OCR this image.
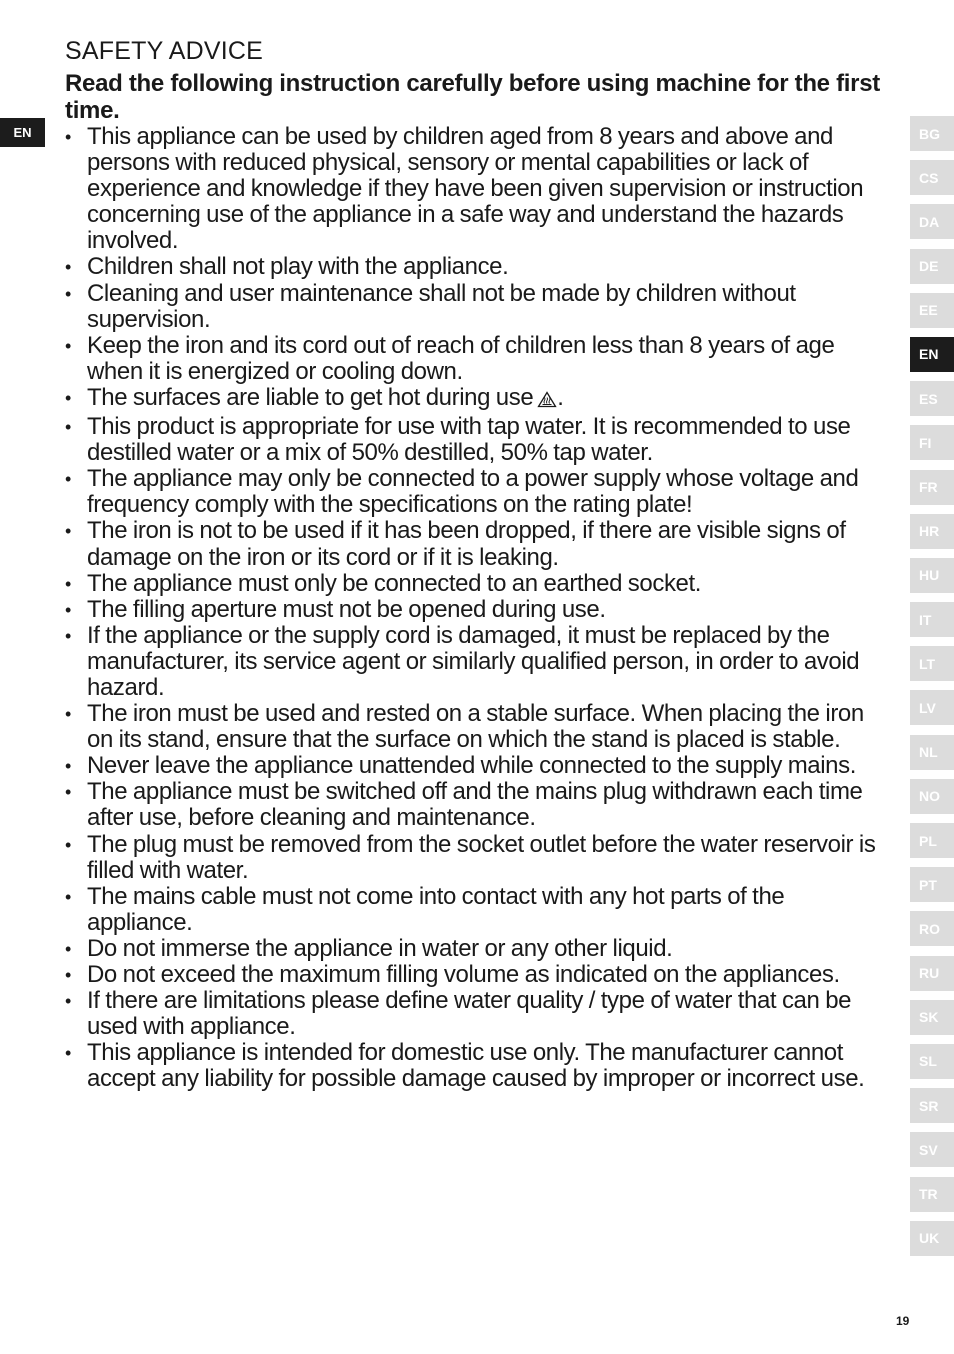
EN
SAFETY ADVICE

Read the following instruction carefully before using machine for the first time.

• This appliance can be used by children aged from 8 years and above and persons with reduced physical, sensory or mental capabilities or lack of experience and knowledge if they have been given supervision or instruction concerning use of the appliance in a safe way and understand the hazards involved.
• Children shall not play with the appliance.
• Cleaning and user maintenance shall not be made by children without supervision.
• Keep the iron and its cord out of reach of children less than 8 years of age when it is energized or cooling down.
• The surfaces are liable to get hot during use .
• This product is appropriate for use with tap water. It is recommended to use destilled water or a mix of 50% destilled, 50% tap water.
• The appliance may only be connected to a power supply whose voltage and frequency comply with the specifications on the rating plate!
• The iron is not to be used if it has been dropped, if there are visible signs of damage on the iron or its cord or if it is leaking.
• The appliance must only be connected to an earthed socket.
• The filling aperture must not be opened during use.
• If the appliance or the supply cord is damaged, it must be replaced by the manufacturer, its service agent or similarly qualified person, in order to avoid hazard.
• The iron must be used and rested on a stable surface. When placing the iron on its stand, ensure that the surface on which the stand is placed is stable.
• Never leave the appliance unattended while connected to the supply mains.
• The appliance must be switched off and the mains plug withdrawn each time after use, before cleaning and maintenance.
• The plug must be removed from the socket outlet before the water reservoir is filled with water.
• The mains cable must not come into contact with any hot parts of the appliance.
• Do not immerse the appliance in water or any other liquid.
• Do not exceed the maximum filling volume as indicated on the appliances.
• If there are limitations please define water quality / type of water that can be used with appliance.
• This appliance is intended for domestic use only. The manufacturer cannot accept any liability for possible damage caused by improper or incorrect use.
BG
CS
DA
DE
EE
EN
ES
FI
FR
HR
HU
IT
LT
LV
NL
NO
PL
PT
RO
RU
SK
SL
SR
SV
TR
UK
19
